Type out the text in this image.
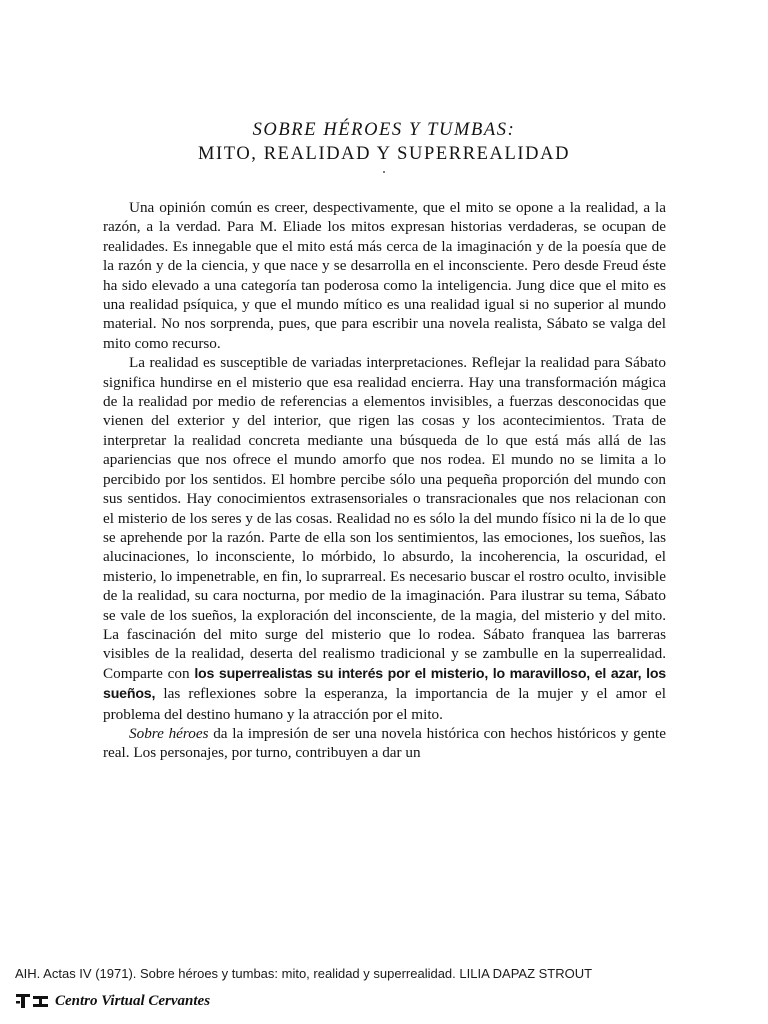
SOBRE HÉROES Y TUMBAS:
MITO, REALIDAD Y SUPERREALIDAD

Una opinión común es creer, despectivamente, que el mito se opone a la realidad, a la razón, a la verdad. Para M. Eliade los mitos expresan historias verdaderas, se ocupan de realidades. Es innegable que el mito está más cerca de la imaginación y de la poesía que de la razón y de la ciencia, y que nace y se desarrolla en el inconsciente. Pero desde Freud éste ha sido elevado a una categoría tan poderosa como la inteligencia. Jung dice que el mito es una realidad psíquica, y que el mundo mítico es una realidad igual si no superior al mundo material. No nos sorprenda, pues, que para escribir una novela realista, Sábato se valga del mito como recurso.

La realidad es susceptible de variadas interpretaciones. Reflejar la realidad para Sábato significa hundirse en el misterio que esa realidad encierra. Hay una transformación mágica de la realidad por medio de referencias a elementos invisibles, a fuerzas desconocidas que vienen del exterior y del interior, que rigen las cosas y los acontecimientos. Trata de interpretar la realidad concreta mediante una búsqueda de lo que está más allá de las apariencias que nos ofrece el mundo amorfo que nos rodea. El mundo no se limita a lo percibido por los sentidos. El hombre percibe sólo una pequeña proporción del mundo con sus sentidos. Hay conocimientos extrasensoriales o transracionales que nos relacionan con el misterio de los seres y de las cosas. Realidad no es sólo la del mundo físico ni la de lo que se aprehende por la razón. Parte de ella son los sentimientos, las emociones, los sueños, las alucinaciones, lo inconsciente, lo mórbido, lo absurdo, la incoherencia, la oscuridad, el misterio, lo impenetrable, en fin, lo suprarreal. Es necesario buscar el rostro oculto, invisible de la realidad, su cara nocturna, por medio de la imaginación. Para ilustrar su tema, Sábato se vale de los sueños, la exploración del inconsciente, de la magia, del misterio y del mito. La fascinación del mito surge del misterio que lo rodea. Sábato franquea las barreras visibles de la realidad, deserta del realismo tradicional y se zambulle en la superrealidad. Comparte con los superrealistas su interés por el misterio, lo maravilloso, el azar, los sueños, las reflexiones sobre la esperanza, la importancia de la mujer y el amor el problema del destino humano y la atracción por el mito.

Sobre héroes da la impresión de ser una novela histórica con hechos históricos y gente real. Los personajes, por turno, contribuyen a dar un

AIH. Actas IV (1971). Sobre héroes y tumbas: mito, realidad y superrealidad. LILIA DAPAZ STROUT
Centro Virtual Cervantes
